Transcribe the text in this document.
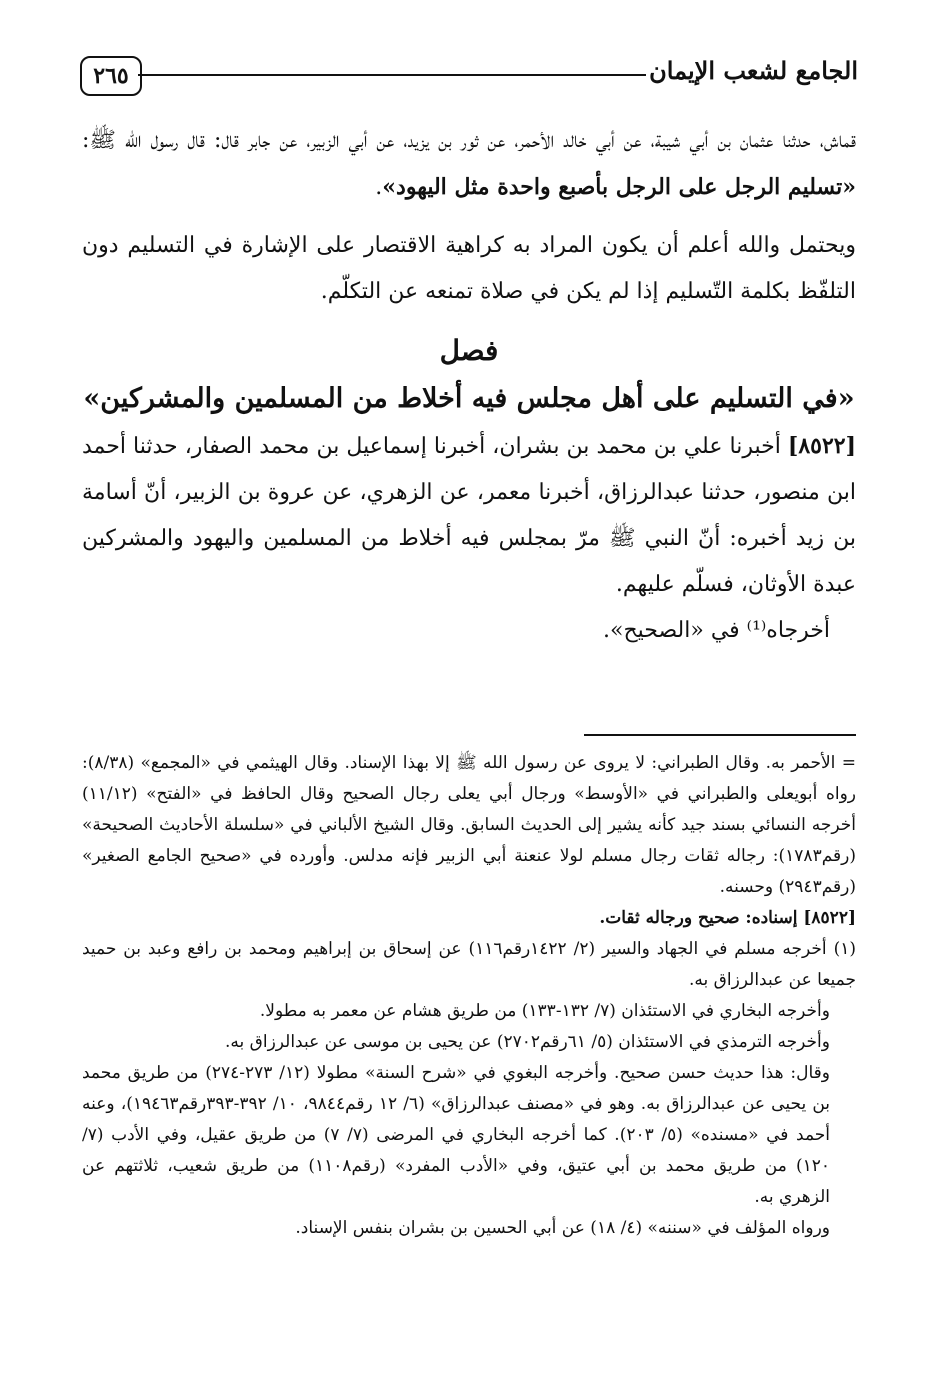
٢٦٥	الجامع لشعب الإيمان

قماش، حدثنا عثمان بن أبي شيبة، عن أبي خالد الأحمر، عن ثور بن يزيد، عن أبي الزبير، عن جابر قال: قال رسول الله ﷺ: «تسليم الرجل على الرجل بأصبع واحدة مثل اليهود».

ويحتمل والله أعلم أن يكون المراد به كراهية الاقتصار على الإشارة في التسليم دون التلفّظ بكلمة التّسليم إذا لم يكن في صلاة تمنعه عن التكلّم.

فصل

«في التسليم على أهل مجلس فيه أخلاط من المسلمين والمشركين»

[٨٥٢٢] أخبرنا علي بن محمد بن بشران، أخبرنا إسماعيل بن محمد الصفار، حدثنا أحمد ابن منصور، حدثنا عبدالرزاق، أخبرنا معمر، عن الزهري، عن عروة بن الزبير، أنّ أسامة بن زيد أخبره: أنّ النبي ﷺ مرّ بمجلس فيه أخلاط من المسلمين واليهود والمشركين عبدة الأوثان، فسلّم عليهم.

أخرجاه⁽¹⁾ في «الصحيح».

= الأحمر به. وقال الطبراني: لا يروى عن رسول الله ﷺ إلا بهذا الإسناد. وقال الهيثمي في «المجمع» (٨/٣٨): رواه أبويعلى والطبراني في «الأوسط» ورجال أبي يعلى رجال الصحيح وقال الحافظ في «الفتح» (١١/١٢) أخرجه النسائي بسند جيد كأنه يشير إلى الحديث السابق. وقال الشيخ الألباني في «سلسلة الأحاديث الصحيحة» (رقم١٧٨٣): رجاله ثقات رجال مسلم لولا عنعنة أبي الزبير فإنه مدلس. وأورده في «صحيح الجامع الصغير» (رقم٢٩٤٣) وحسنه.

[٨٥٢٢] إسناده: صحيح ورجاله ثقات.

(١) أخرجه مسلم في الجهاد والسير (٢/ ١٤٢٢رقم١١٦) عن إسحاق بن إبراهيم ومحمد بن رافع وعبد بن حميد جميعا عن عبدالرزاق به.

وأخرجه البخاري في الاستئذان (٧/ ١٣٢-١٣٣) من طريق هشام عن معمر به مطولا.

وأخرجه الترمذي في الاستئذان (٥/ ٦١رقم٢٧٠٢) عن يحيى بن موسى عن عبدالرزاق به.

وقال: هذا حديث حسن صحيح. وأخرجه البغوي في «شرح السنة» مطولا (١٢/ ٢٧٣-٢٧٤) من طريق محمد بن يحيى عن عبدالرزاق به. وهو في «مصنف عبدالرزاق» (٦/ ١٢ رقم٩٨٤٤، ١٠/ ٣٩٢-٣٩٣رقم١٩٤٦٣)، وعنه أحمد في «مسنده» (٥/ ٢٠٣). كما أخرجه البخاري في المرضى (٧/ ٧) من طريق عقيل، وفي الأدب (٧/ ١٢٠) من طريق محمد بن أبي عتيق، وفي «الأدب المفرد» (رقم١١٠٨) من طريق شعيب، ثلاثتهم عن الزهري به.

ورواه المؤلف في «سننه» (٤/ ١٨) عن أبي الحسين بن بشران بنفس الإسناد.
